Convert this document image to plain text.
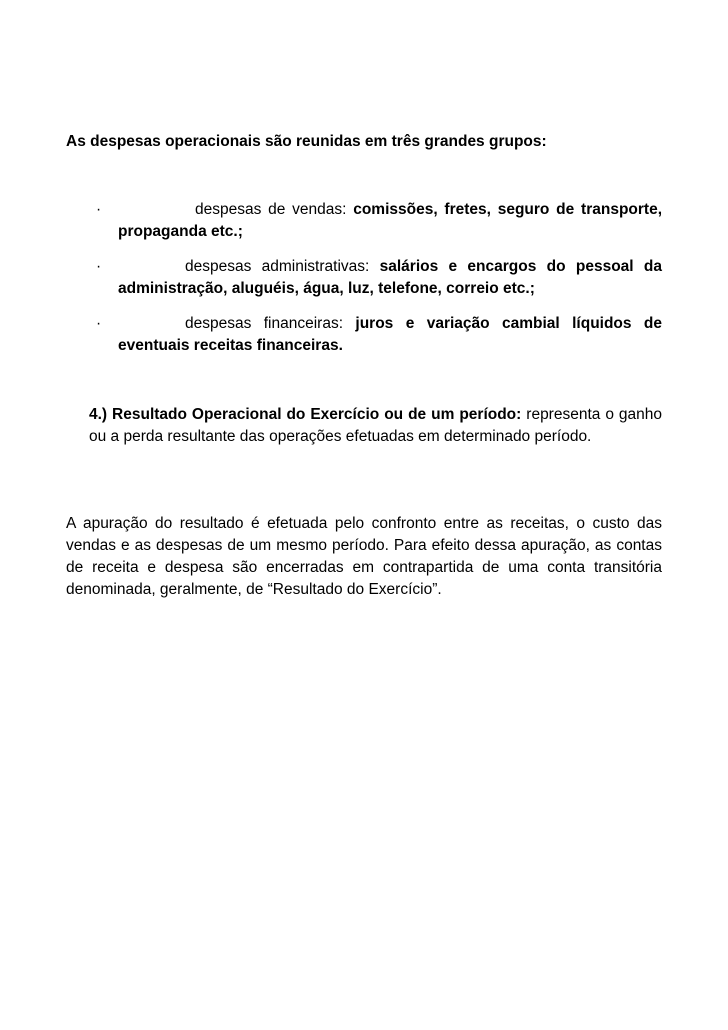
As despesas operacionais são reunidas em três grandes grupos:
·	despesas de vendas: comissões, fretes, seguro de transporte, propaganda etc.;
·	despesas administrativas: salários e encargos do pessoal da administração, aluguéis, água, luz, telefone, correio etc.;
·	despesas financeiras: juros e variação cambial líquidos de eventuais receitas financeiras.
4.) Resultado Operacional do Exercício ou de um período: representa o ganho ou a perda resultante das operações efetuadas em determinado período.
A apuração do resultado é efetuada pelo confronto entre as receitas, o custo das vendas e as despesas de um mesmo período. Para efeito dessa apuração, as contas de receita e despesa são encerradas em contrapartida de uma conta transitória denominada, geralmente, de “Resultado do Exercício”.
